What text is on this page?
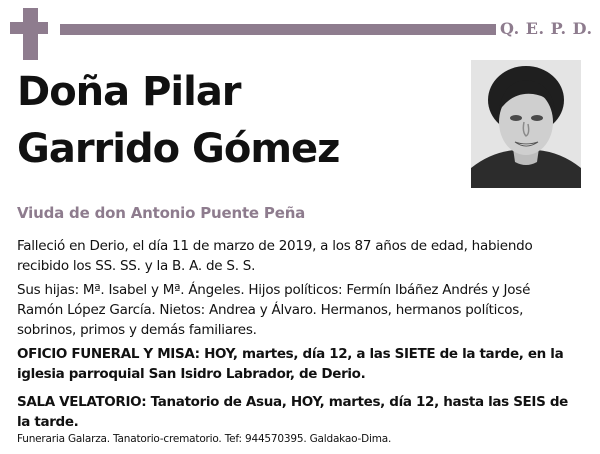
Q. E. P. D.
Doña Pilar
Garrido Gómez
Viuda de don Antonio Puente Peña

Falleció en Derio, el día 11 de marzo de 2019, a los 87 años de edad, habiendo recibido los SS. SS. y la B. A. de S. S.

Sus hijas: Mª. Isabel y Mª. Ángeles. Hijos políticos: Fermín Ibáñez Andrés y José Ramón López García. Nietos: Andrea y Álvaro. Hermanos, hermanos políticos, sobrinos, primos y demás familiares.

OFICIO FUNERAL Y MISA: HOY, martes, día 12, a las SIETE de la tarde, en la iglesia parroquial San Isidro Labrador, de Derio.

SALA VELATORIO: Tanatorio de Asua, HOY, martes, día 12, hasta las SEIS de la tarde.

Funeraria Galarza. Tanatorio-crematorio. Tef: 944570395. Galdakao-Dima.
